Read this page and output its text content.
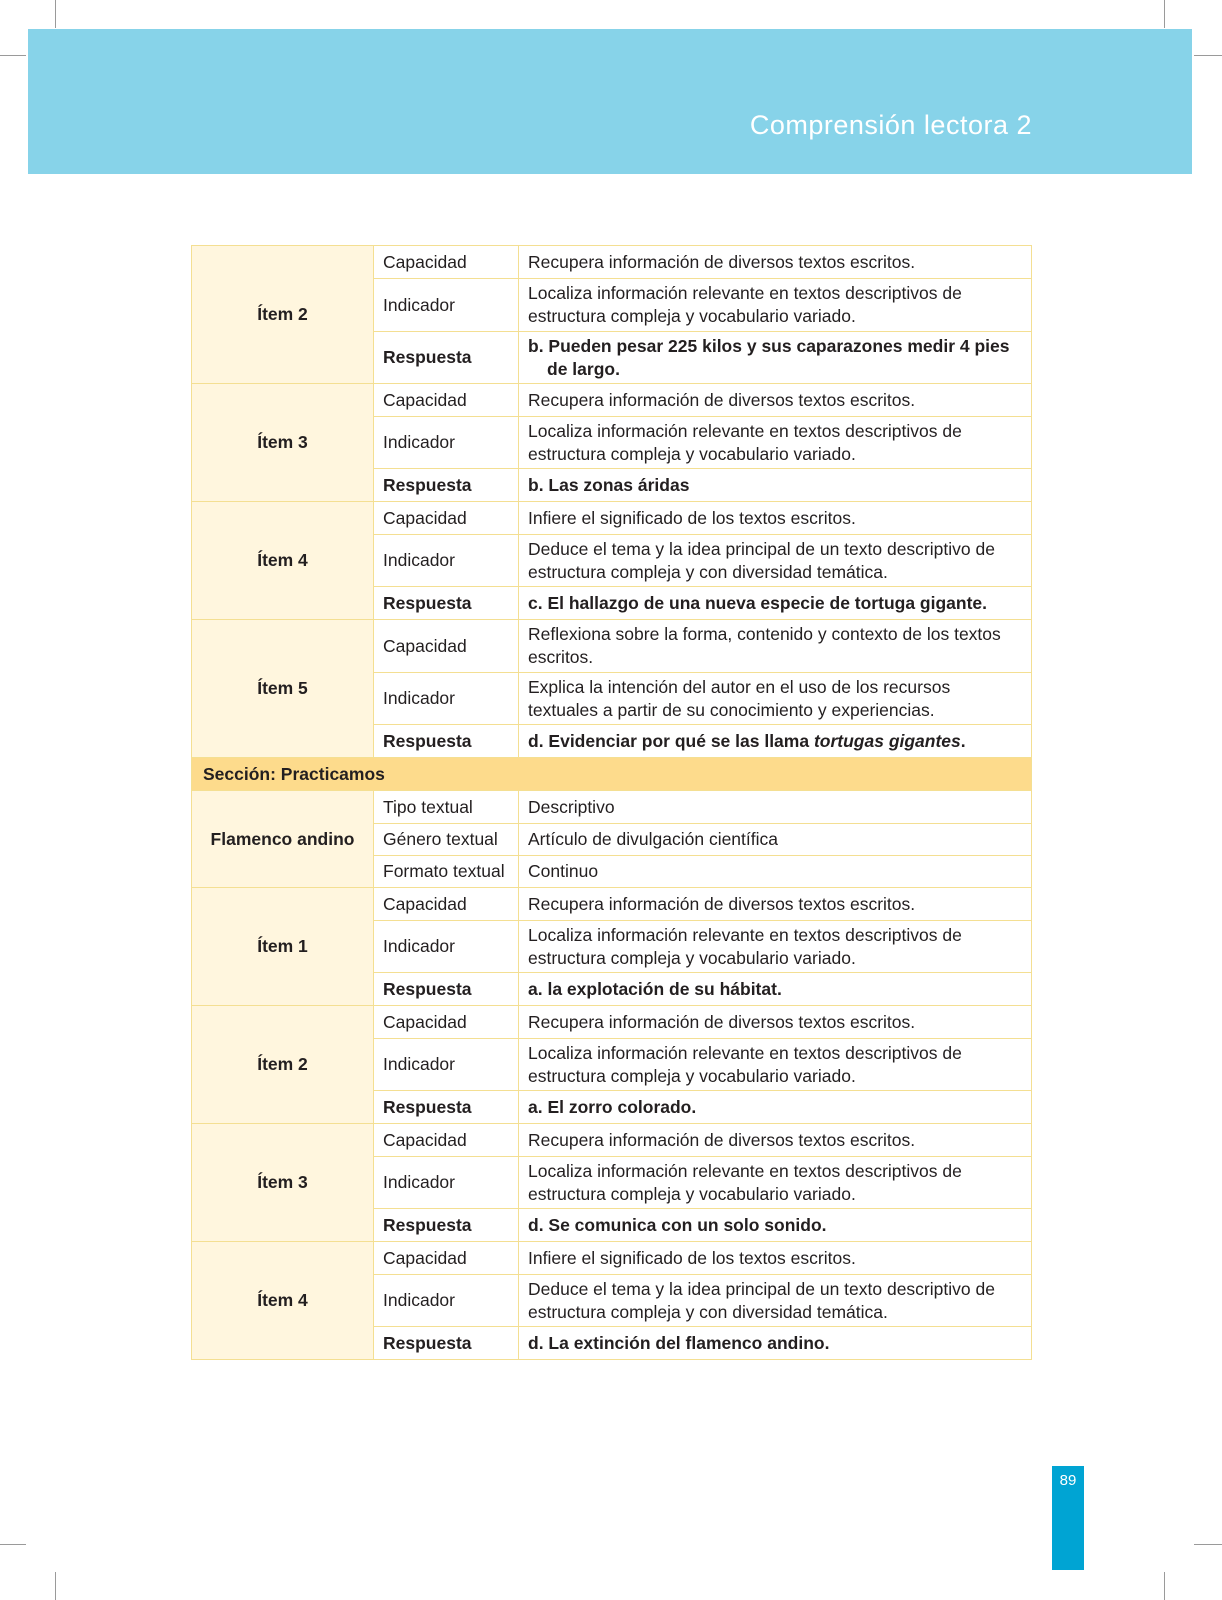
Comprensión lectora 2
Ítem 2	Capacidad	Recupera información de diversos textos escritos.
	Indicador	Localiza información relevante en textos descriptivos de estructura compleja y vocabulario variado.
	Respuesta	b. Pueden pesar 225 kilos y sus caparazones medir 4 pies
de largo.

Ítem 3	Capacidad	Recupera información de diversos textos escritos.
	Indicador	Localiza información relevante en textos descriptivos de estructura compleja y vocabulario variado.
	Respuesta	b. Las zonas áridas
Ítem 4	Capacidad	Infiere el significado de los textos escritos.
	Indicador	Deduce el tema y la idea principal de un texto descriptivo de estructura compleja y con diversidad temática.
	Respuesta	c. El hallazgo de una nueva especie de tortuga gigante.
Ítem 5	Capacidad	Reflexiona sobre la forma, contenido y contexto de los textos escritos.
	Indicador	Explica la intención del autor en el uso de los recursos textuales a partir de su conocimiento y experiencias.
	Respuesta	d. Evidenciar por qué se las llama tortugas gigantes.
Sección: Practicamos		
Flamenco andino	Tipo textual	Descriptivo
	Género textual	Artículo de divulgación científica
	Formato textual	Continuo
Ítem 1	Capacidad	Recupera información de diversos textos escritos.
	Indicador	Localiza información relevante en textos descriptivos de estructura compleja y vocabulario variado.
	Respuesta	a. la explotación de su hábitat.
Ítem 2	Capacidad	Recupera información de diversos textos escritos.
	Indicador	Localiza información relevante en textos descriptivos de estructura compleja y vocabulario variado.
	Respuesta	a. El zorro colorado.
Ítem 3	Capacidad	Recupera información de diversos textos escritos.
	Indicador	Localiza información relevante en textos descriptivos de estructura compleja y vocabulario variado.
	Respuesta	d. Se comunica con un solo sonido.
Ítem 4	Capacidad	Infiere el significado de los textos escritos.
	Indicador	Deduce el tema y la idea principal de un texto descriptivo de estructura compleja y con diversidad temática.
	Respuesta	d. La extinción del flamenco andino.
89
